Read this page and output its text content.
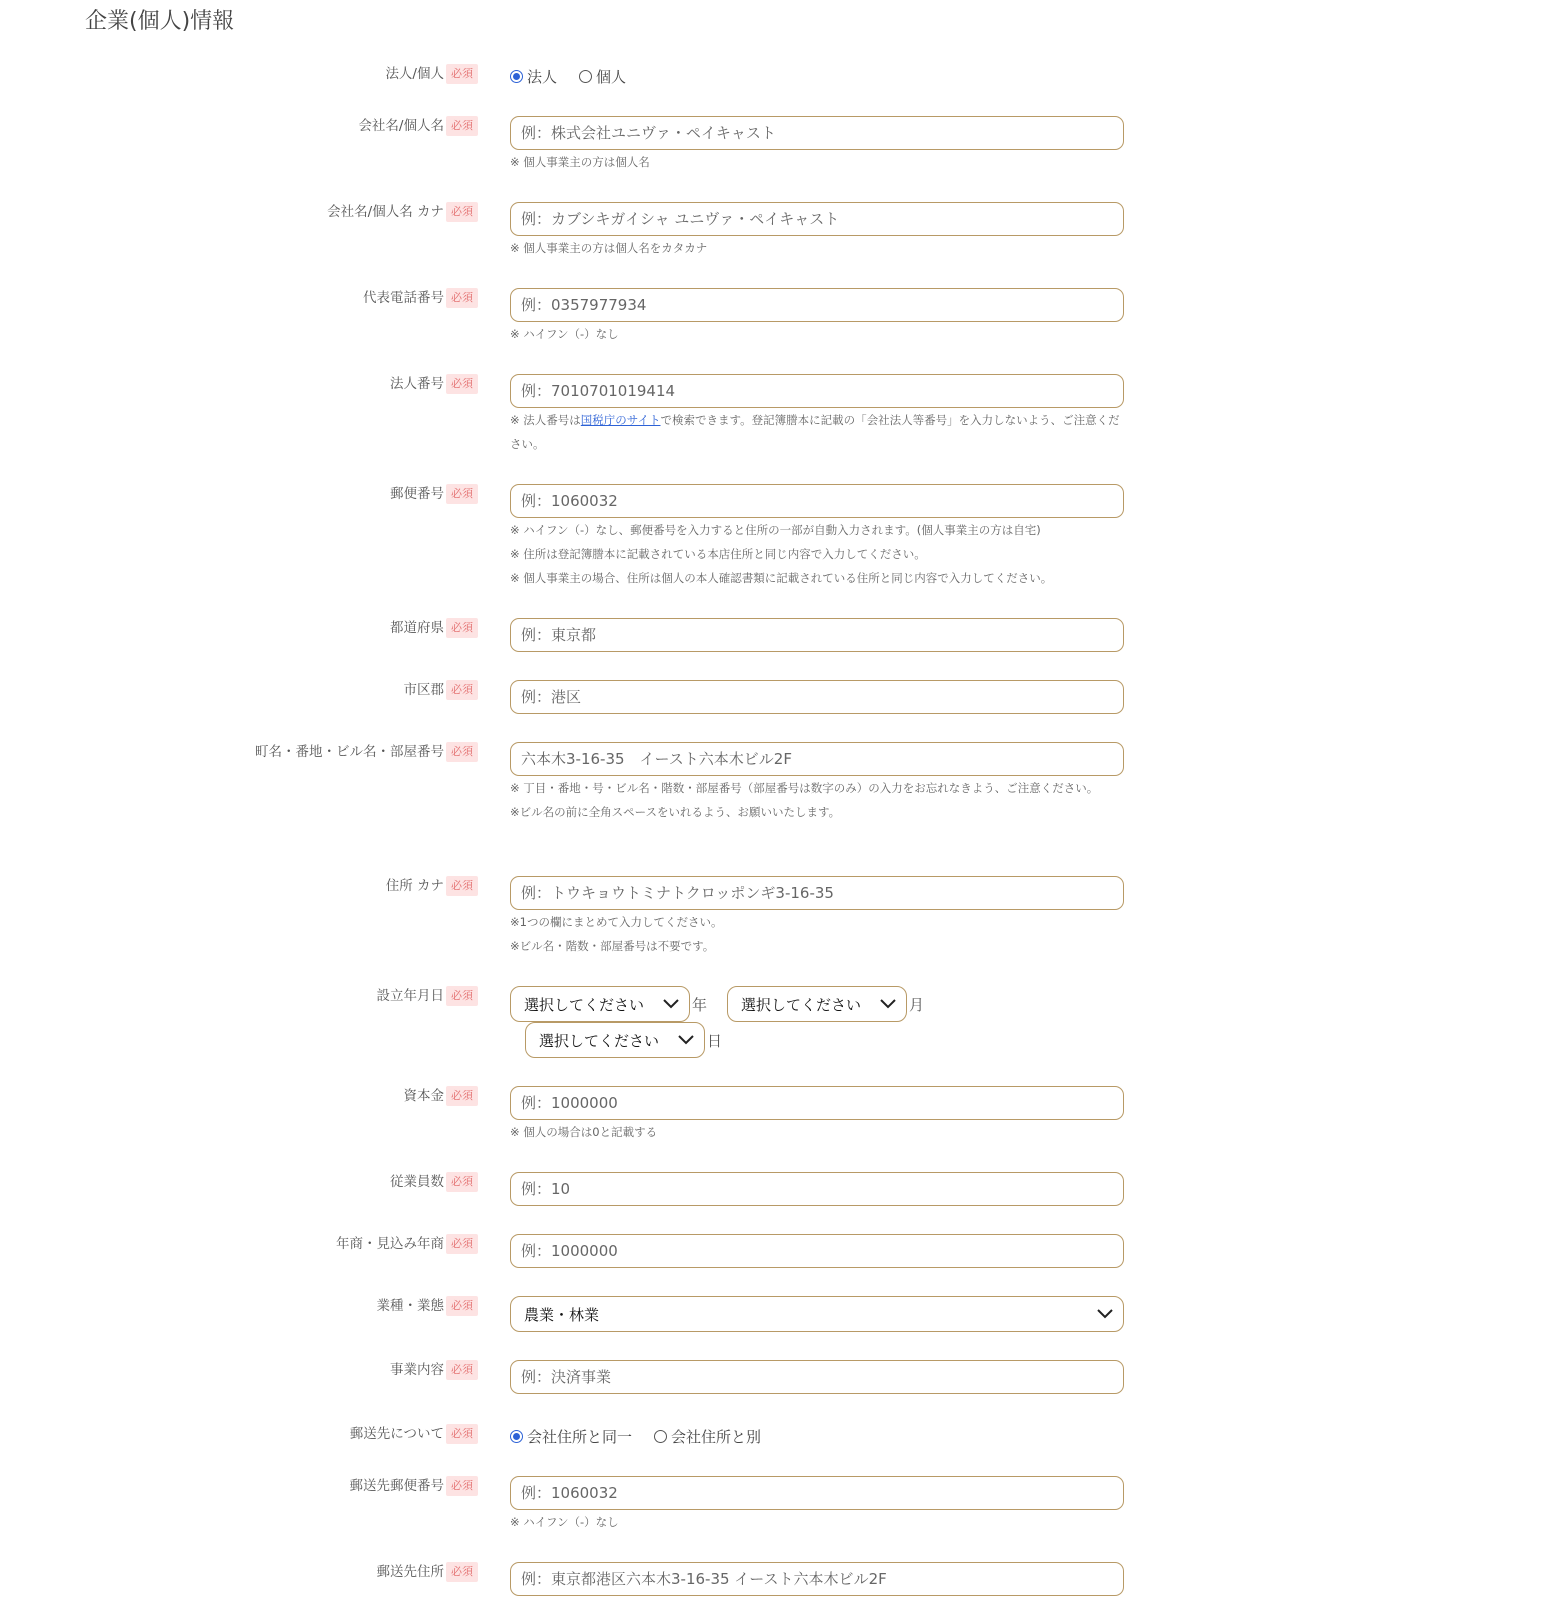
企業(個人)情報
法人/個人 必須	法人	個人
会社名/個人名 必須
例：株式会社ユニヴァ・ペイキャスト

※ 個人事業主の方は個人名

会社名/個人名 カナ 必須
例：カブシキガイシャ ユニヴァ・ペイキャスト

※ 個人事業主の方は個人名をカタカナ

代表電話番号 必須
例：0357977934

※ ハイフン（-）なし

法人番号 必須
例：7010701019414

※ 法人番号は国税庁のサイトで検索できます。登記簿謄本に記載の「会社法人等番号」を入力しないよう、ご注意ください。

郵便番号 必須
例：1060032

※ ハイフン（-）なし、郵便番号を入力すると住所の一部が自動入力されます。(個人事業主の方は自宅)

※ 住所は登記簿謄本に記載されている本店住所と同じ内容で入力してください。

※ 個人事業主の場合、住所は個人の本人確認書類に記載されている住所と同じ内容で入力してください。

都道府県 必須
例：東京都
市区郡 必須
例：港区
町名・番地・ビル名・部屋番号 必須
六本木3-16-35　イースト六本木ビル2F

※ 丁目・番地・号・ビル名・階数・部屋番号（部屋番号は数字のみ）の入力をお忘れなきよう、ご注意ください。

※ビル名の前に全角スペースをいれるよう、お願いいたします。

住所 カナ 必須
例：トウキョウトミナトクロッポンギ3-16-35

※1つの欄にまとめて入力してください。

※ビル名・階数・部屋番号は不要です。

設立年月日 必須	選択してください	年 選択してください	月
選択してください	日
資本金 必須
例：1000000

※ 個人の場合は0と記載する

従業員数 必須
例：10
年商・見込み年商 必須
例：1000000
業種・業態 必須	農業・林業
事業内容 必須
例：決済事業
郵送先について 必須	会社住所と同一	会社住所と別
郵送先郵便番号 必須
例：1060032

※ ハイフン（-）なし

郵送先住所 必須
例：東京都港区六本木3-16-35 イースト六本木ビル2F
